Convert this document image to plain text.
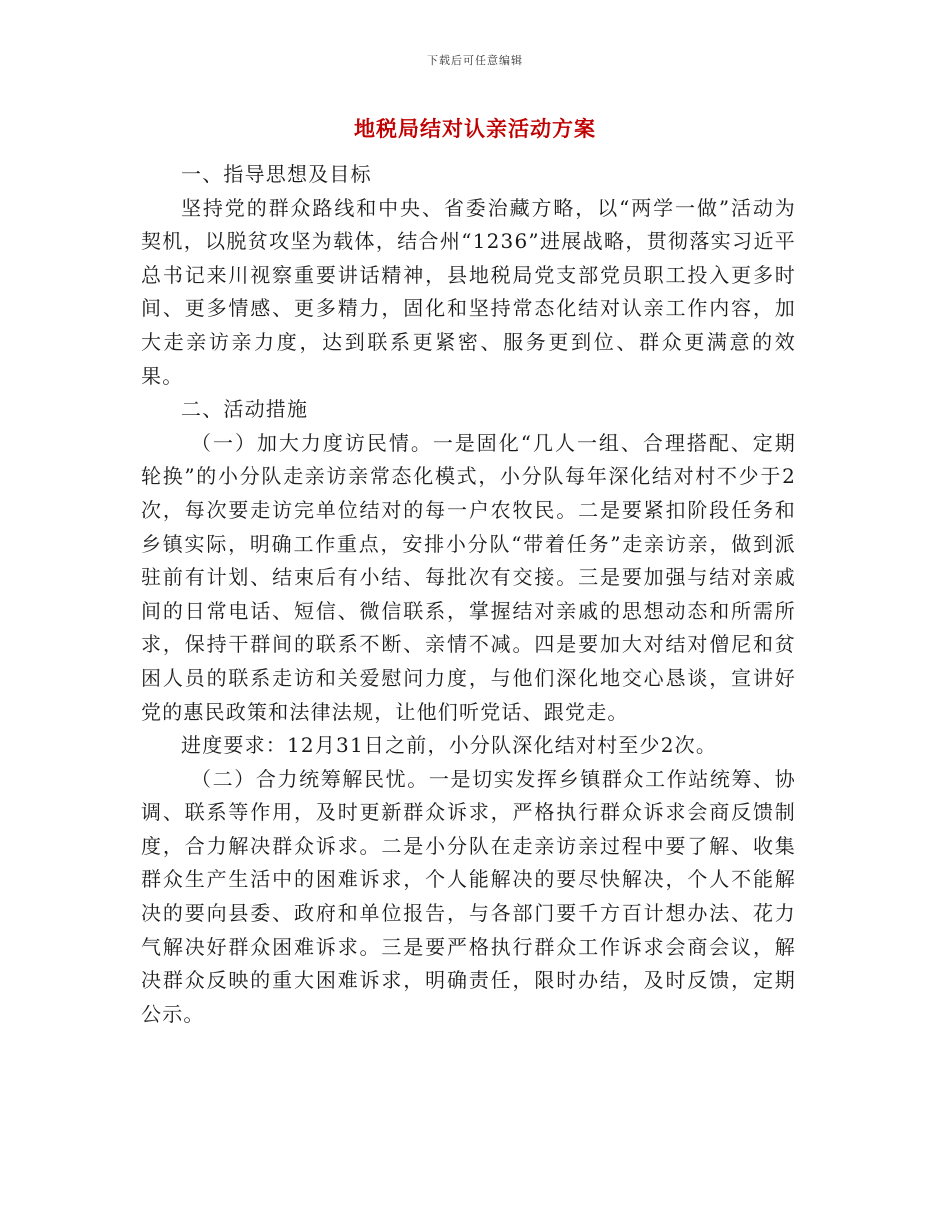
下载后可任意编辑
地税局结对认亲活动方案

一、指导思想及目标

坚持党的群众路线和中央、省委治藏方略，以“两学一做”活动为契机，以脱贫攻坚为载体，结合州“1236”进展战略，贯彻落实习近平总书记来川视察重要讲话精神，县地税局党支部党员职工投入更多时间、更多情感、更多精力，固化和坚持常态化结对认亲工作内容，加大走亲访亲力度，达到联系更紧密、服务更到位、群众更满意的效果。

二、活动措施

（一）加大力度访民情。一是固化“几人一组、合理搭配、定期轮换”的小分队走亲访亲常态化模式，小分队每年深化结对村不少于2次，每次要走访完单位结对的每一户农牧民。二是要紧扣阶段任务和乡镇实际，明确工作重点，安排小分队“带着任务”走亲访亲，做到派驻前有计划、结束后有小结、每批次有交接。三是要加强与结对亲戚间的日常电话、短信、微信联系，掌握结对亲戚的思想动态和所需所求，保持干群间的联系不断、亲情不减。四是要加大对结对僧尼和贫困人员的联系走访和关爱慰问力度，与他们深化地交心恳谈，宣讲好党的惠民政策和法律法规，让他们听党话、跟党走。

进度要求：12月31日之前，小分队深化结对村至少2次。

（二）合力统筹解民忧。一是切实发挥乡镇群众工作站统筹、协调、联系等作用，及时更新群众诉求，严格执行群众诉求会商反馈制度，合力解决群众诉求。二是小分队在走亲访亲过程中要了解、收集群众生产生活中的困难诉求，个人能解决的要尽快解决，个人不能解决的要向县委、政府和单位报告，与各部门要千方百计想办法、花力气解决好群众困难诉求。三是要严格执行群众工作诉求会商会议，解决群众反映的重大困难诉求，明确责任，限时办结，及时反馈，定期公示。
